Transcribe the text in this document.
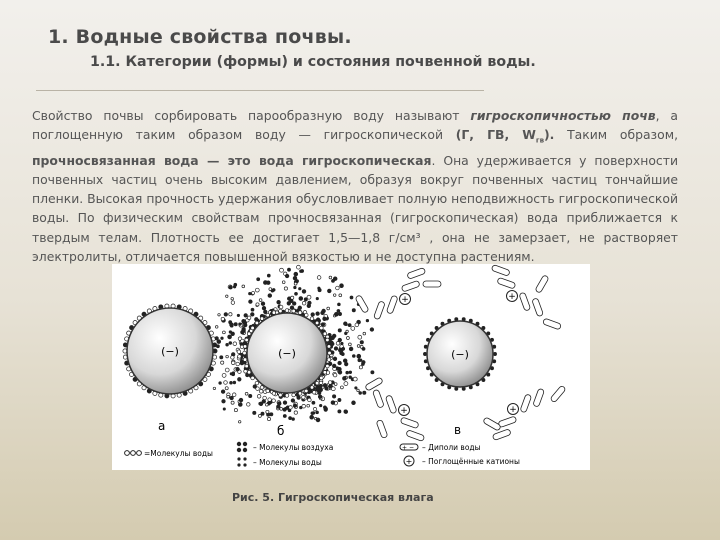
1. Водные свойства почвы.
1.1. Категории (формы) и состояния почвенной воды.
Свойство почвы сорбировать парообразную воду называют гигроскопичностью почв, а поглощенную таким образом воду — гигроскопической (Г, ГВ, $W_{гв}$). Таким образом, прочносвязанная вода — это вода гигроскопическая. Она удерживается у поверхности почвенных частиц очень высоким давлением, образуя вокруг почвенных частиц тончайшие пленки. Высокая прочность удержания обусловливает полную неподвижность гигроскопической воды. По физическим свойствам прочносвязанная (гигроскопическая) вода приближается к твердым телам. Плотность ее достигает 1,5—1,8 г/см³ , она не замерзает, не растворяет электролиты, отличается повышенной вязкостью и не доступна растениям.
(−)	(−)	(−)
+	+
+
+
а	б	в
=Молекулы воды
– Молекулы воздуха
– Молекулы воды
+ − – Диполи воды
+ – Поглощённые катионы
Рис. 5. Гигроскопическая влага
